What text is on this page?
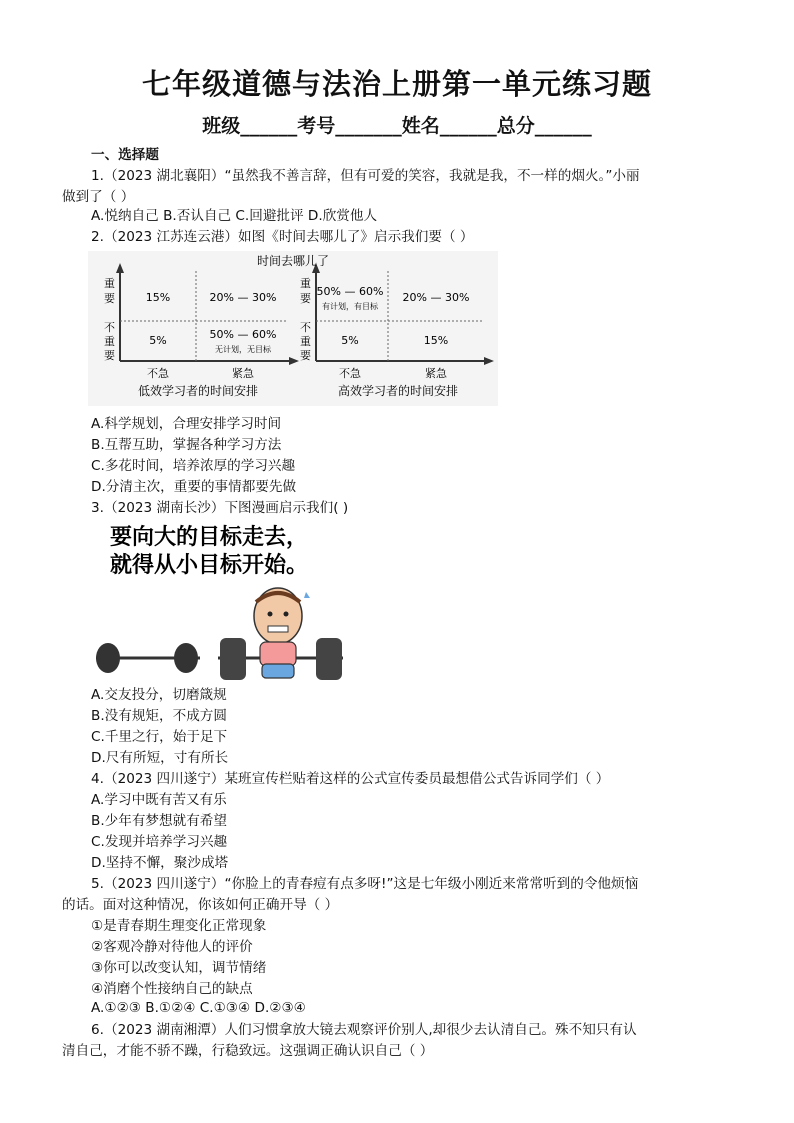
七年级道德与法治上册第一单元练习题
班级______考号_______姓名______总分______
一、选择题
1.（2023 湖北襄阳）“虽然我不善言辞，但有可爱的笑容，我就是我，不一样的烟火。”小丽
做到了（ ）
A.悦纳自己 B.否认自己 C.回避批评 D.欣赏他人
2.（2023 江苏连云港）如图《时间去哪儿了》启示我们要（ ）
时间去哪儿了
重
要
不
重
要
重
要
不
重
要
15%	20% — 30%
5%	50% — 60%
无计划，无目标
50% — 60%
有计划，有目标
20% — 30%
5%	15%
不急	紧急	不急	紧急
低效学习者的时间安排	高效学习者的时间安排
A.科学规划，合理安排学习时间
B.互帮互助，掌握各种学习方法
C.多花时间，培养浓厚的学习兴趣
D.分清主次，重要的事情都要先做
3.（2023 湖南长沙）下图漫画启示我们( )
要向大的目标走去，
就得从小目标开始。
A.交友投分，切磨箴规
B.没有规矩，不成方圆
C.千里之行，始于足下
D.尺有所短，寸有所长
4.（2023 四川遂宁）某班宣传栏贴着这样的公式宣传委员最想借公式告诉同学们（ ）
A.学习中既有苦又有乐
B.少年有梦想就有希望
C.发现并培养学习兴趣
D.坚持不懈，聚沙成塔
5.（2023 四川遂宁）“你脸上的青春痘有点多呀!”这是七年级小刚近来常常听到的令他烦恼
的话。面对这种情况，你该如何正确开导（ ）
①是青春期生理变化正常现象
②客观冷静对待他人的评价
③你可以改变认知，调节情绪
④消磨个性接纳自己的缺点
A.①②③ B.①②④ C.①③④ D.②③④
6.（2023 湖南湘潭）人们习惯拿放大镜去观察评价别人,却很少去认清自己。殊不知只有认
清自己，才能不骄不躁，行稳致远。这强调正确认识自己（ ）
